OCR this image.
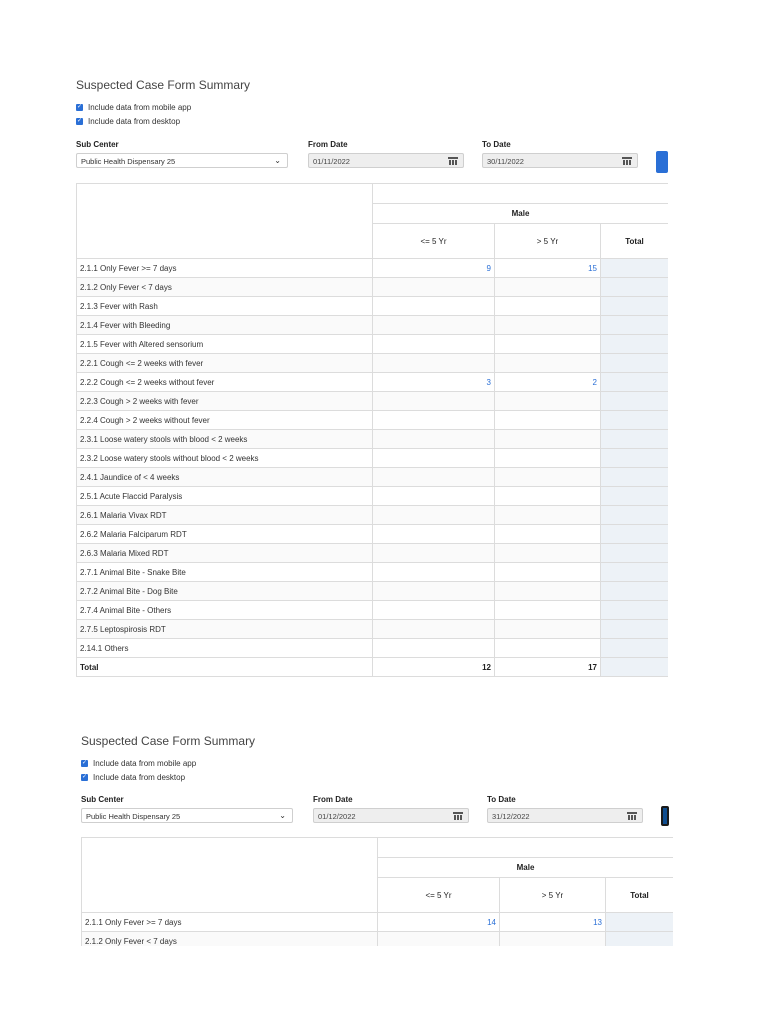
Suspected Case Form Summary
✓ Include data from mobile app
✓ Include data from desktop
Sub Center
Public Health Dispensary 25	⌄
From Date
01/11/2022
To Date
30/11/2022

	Male		
	<= 5 Yr	> 5 Yr	Total
2.1.1 Only Fever >= 7 days	9	15	
2.1.2 Only Fever < 7 days			
2.1.3 Fever with Rash			
2.1.4 Fever with Bleeding			
2.1.5 Fever with Altered sensorium			
2.2.1 Cough <= 2 weeks with fever			
2.2.2 Cough <= 2 weeks without fever	3	2	
2.2.3 Cough > 2 weeks with fever			
2.2.4 Cough > 2 weeks without fever			
2.3.1 Loose watery stools with blood < 2 weeks			
2.3.2 Loose watery stools without blood < 2 weeks			
2.4.1 Jaundice of < 4 weeks			
2.5.1 Acute Flaccid Paralysis			
2.6.1 Malaria Vivax RDT			
2.6.2 Malaria Falciparum RDT			
2.6.3 Malaria Mixed RDT			
2.7.1 Animal Bite - Snake Bite			
2.7.2 Animal Bite - Dog Bite			
2.7.4 Animal Bite - Others			
2.7.5 Leptospirosis RDT			
2.14.1 Others			
Total	12	17	
Suspected Case Form Summary
✓ Include data from mobile app
✓ Include data from desktop
Sub Center
Public Health Dispensary 25	⌄
From Date
01/12/2022
To Date
31/12/2022

	Male		
	<= 5 Yr	> 5 Yr	Total
2.1.1 Only Fever >= 7 days	14	13	
2.1.2 Only Fever < 7 days			
